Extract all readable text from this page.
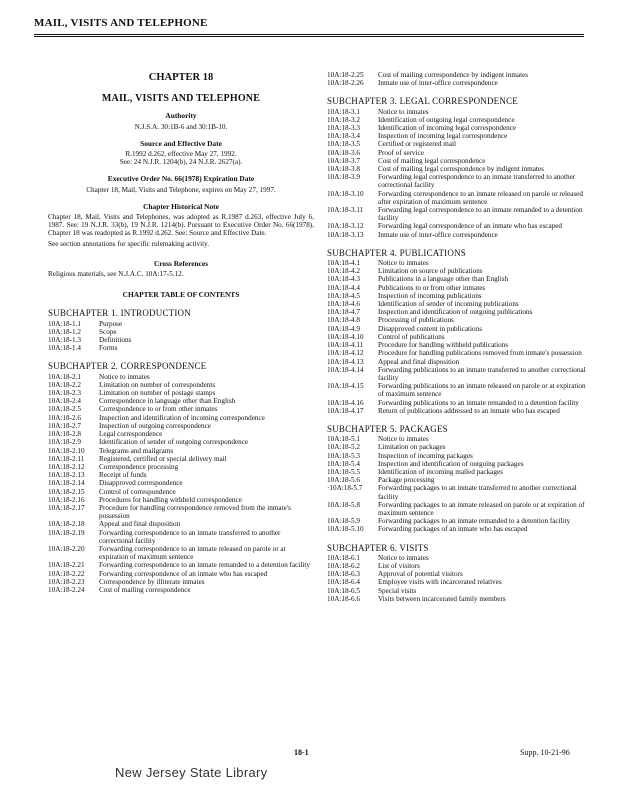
MAIL, VISITS AND TELEPHONE
CHAPTER 18
MAIL, VISITS AND TELEPHONE
Authority
N.J.S.A. 30:1B-6 and 30:1B-10.
Source and Effective Date
R.1992 d.262, effective May 27, 1992.
See: 24 N.J.R. 1204(b), 24 N.J.R. 2627(a).
Executive Order No. 66(1978) Expiration Date
Chapter 18, Mail, Visits and Telephone, expires on May 27, 1997.
Chapter Historical Note
Chapter 18, Mail, Visits and Telephones, was adopted as R.1987 d.263, effective July 6, 1987. See: 19 N.J.R. 33(b), 19 N.J.R. 1214(b). Pursuant to Executive Order No. 66(1978), Chapter 18 was readopted as R.1992 d.262. See: Source and Effective Date.
See section annotations for specific rulemaking activity.
Cross References
Religious materials, see N.J.A.C. 10A:17-5.12.
CHAPTER TABLE OF CONTENTS
SUBCHAPTER 1. INTRODUCTION
10A:18-1.1	Purpose
10A:18-1.2	Scope
10A:18-1.3	Definitions
10A:18-1.4	Forms
SUBCHAPTER 2. CORRESPONDENCE
10A:18-2.1	Notice to inmates
10A:18-2.2	Limitation on number of correspondents
10A:18-2.3	Limitation on number of postage stamps
10A:18-2.4	Correspondence in language other than English
10A:18-2.5	Correspondence to or from other inmates
10A:18-2.6	Inspection and identification of incoming correspondence
10A:18-2.7	Inspection of outgoing correspondence
10A:18-2.8	Legal correspondence
10A:18-2.9	Identification of sender of outgoing correspondence
10A:18-2.10	Telegrams and mailgrams
10A:18-2.11	Registered, certified or special delivery mail
10A:18-2.12	Correspondence processing
10A:18-2.13	Receipt of funds
10A:18-2.14	Disapproved correspondence
10A:18-2.15	Control of correspondence
10A:18-2.16	Procedures for handling withheld correspondence
10A:18-2.17	Procedure for handling correspondence removed from the inmate's possession
10A:18-2.18	Appeal and final disposition
10A:18-2.19	Forwarding correspondence to an inmate transferred to another correctional facility
10A:18-2.20	Forwarding correspondence to an inmate released on parole or at expiration of maximum sentence
10A:18-2.21	Forwarding correspondence to an inmate remanded to a detention facility
10A:18-2.22	Forwarding correspondence of an inmate who has escaped
10A:18-2.23	Correspondence by illiterate inmates
10A:18-2.24	Cost of mailing correspondence
10A:18-2.25	Cost of mailing correspondence by indigent inmates
10A:18-2.26	Inmate use of inter-office correspondence
SUBCHAPTER 3. LEGAL CORRESPONDENCE
10A:18-3.1	Notice to inmates
10A:18-3.2	Identification of outgoing legal correspondence
10A:18-3.3	Identification of incoming legal correspondence
10A:18-3.4	Inspection of incoming legal correspondence
10A:18-3.5	Certified or registered mail
10A:18-3.6	Proof of service
10A:18-3.7	Cost of mailing legal correspondence
10A:18-3.8	Cost of mailing legal correspondence by indigent inmates
10A:18-3.9	Forwarding legal correspondence to an inmate transferred to another correctional facility
10A:18-3.10	Forwarding correspondence to an inmate released on parole or released after expiration of maximum sentence
10A:18-3.11	Forwarding legal correspondence to an inmate remanded to a detention facility
10A:18-3.12	Forwarding legal correspondence of an inmate who has escaped
10A:18-3.13	Inmate use of inter-office correspondence
SUBCHAPTER 4. PUBLICATIONS
10A:18-4.1	Notice to inmates
10A:18-4.2	Limitation on source of publications
10A:18-4.3	Publications in a language other than English
10A:18-4.4	Publications to or from other inmates
10A:18-4.5	Inspection of incoming publications
10A:18-4.6	Identification of sender of incoming publications
10A:18-4.7	Inspection and identification of outgoing publications
10A:18-4.8	Processing of publications
10A:18-4.9	Disapproved content in publications
10A:18-4.10	Control of publications
10A:18-4.11	Procedure for handling withheld publications
10A:18-4.12	Procedure for handling publications removed from inmate's possession
10A:18-4.13	Appeal and final disposition
10A:18-4.14	Forwarding publications to an inmate transferred to another correctional facility
10A:18-4.15	Forwarding publications to an inmate released on parole or at expiration of maximum sentence
10A:18-4.16	Forwarding publications to an inmate remanded to a detention facility
10A:18-4.17	Return of publications addressed to an inmate who has escaped
SUBCHAPTER 5. PACKAGES
10A:18-5.1	Notice to inmates
10A:18-5.2	Limitation on packages
10A:18-5.3	Inspection of incoming packages
10A:18-5.4	Inspection and identification of outgoing packages
10A:18-5.5	Identification of incoming mailed packages
10A:18-5.6	Package processing
·10A:18-5.7	Forwarding packages to an inmate transferred to another correctional facility
10A:18-5.8	Forwarding packages to an inmate released on parole or at expiration of maximum sentence
10A:18-5.9	Forwarding packages to an inmate remanded to a detention facility
10A:18-5.10	Forwarding packages of an inmate who has escaped
SUBCHAPTER 6. VISITS
10A:18-6.1	Notice to inmates
10A:18-6.2	List of visitors
10A:18-6.3	Approval of potential visitors
10A:18-6.4	Employee visits with incarcerated relatives
10A:18-6.5	Special visits
10A:18-6.6	Visits between incarcerated family members
18-1	Supp. 10-21-96
New Jersey State Library
